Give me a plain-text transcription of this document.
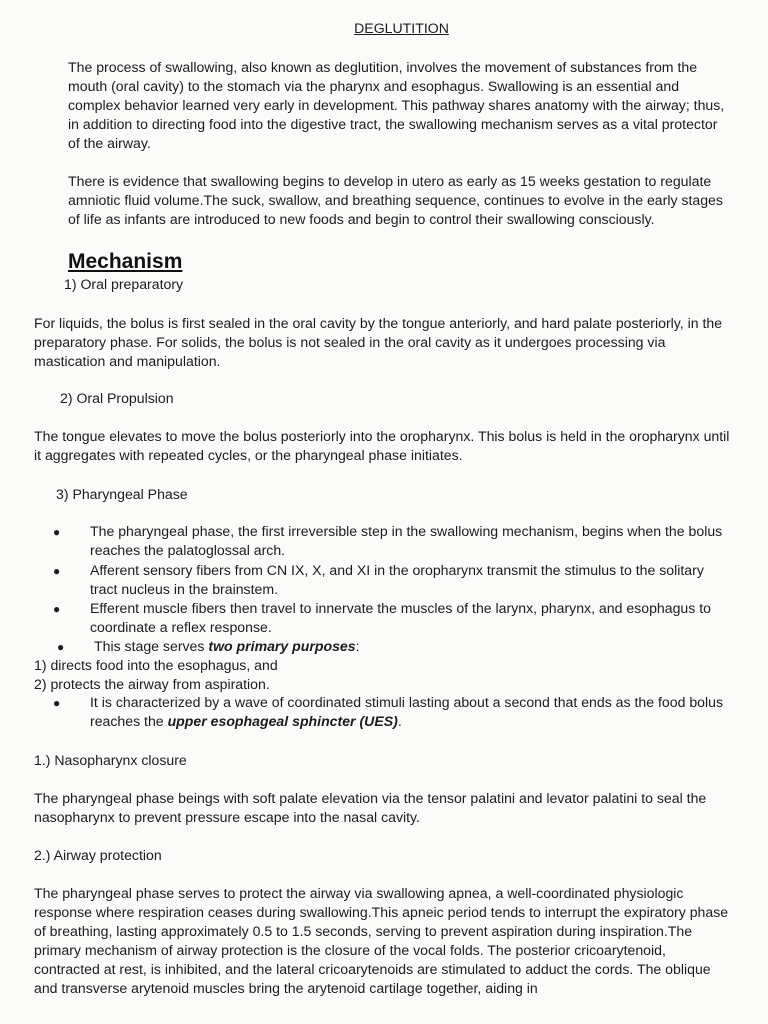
DEGLUTITION

The process of swallowing, also known as deglutition, involves the movement of substances from the mouth (oral cavity) to the stomach via the pharynx and esophagus. Swallowing is an essential and complex behavior learned very early in development. This pathway shares anatomy with the airway; thus, in addition to directing food into the digestive tract, the swallowing mechanism serves as a vital protector of the airway.

There is evidence that swallowing begins to develop in utero as early as 15 weeks gestation to regulate amniotic fluid volume.The suck, swallow, and breathing sequence, continues to evolve in the early stages of life as infants are introduced to new foods and begin to control their swallowing consciously.

Mechanism

1) Oral preparatory

For liquids, the bolus is first sealed in the oral cavity by the tongue anteriorly, and hard palate posteriorly, in the preparatory phase. For solids, the bolus is not sealed in the oral cavity as it undergoes processing via mastication and manipulation.

2) Oral Propulsion

The tongue elevates to move the bolus posteriorly into the oropharynx. This bolus is held in the oropharynx until it aggregates with repeated cycles, or the pharyngeal phase initiates.

3) Pharyngeal Phase

● The pharyngeal phase, the first irreversible step in the swallowing mechanism, begins when the bolus reaches the palatoglossal arch.

● Afferent sensory fibers from CN IX, X, and XI in the oropharynx transmit the stimulus to the solitary tract nucleus in the brainstem.

● Efferent muscle fibers then travel to innervate the muscles of the larynx, pharynx, and esophagus to coordinate a reflex response.

● This stage serves two primary purposes:

1) directs food into the esophagus, and

2) protects the airway from aspiration.

● It is characterized by a wave of coordinated stimuli lasting about a second that ends as the food bolus reaches the upper esophageal sphincter (UES).

1.) Nasopharynx closure

The pharyngeal phase beings with soft palate elevation via the tensor palatini and levator palatini to seal the nasopharynx to prevent pressure escape into the nasal cavity.

2.) Airway protection

The pharyngeal phase serves to protect the airway via swallowing apnea, a well-coordinated physiologic response where respiration ceases during swallowing.This apneic period tends to interrupt the expiratory phase of breathing, lasting approximately 0.5 to 1.5 seconds, serving to prevent aspiration during inspiration.The primary mechanism of airway protection is the closure of the vocal folds. The posterior cricoarytenoid, contracted at rest, is inhibited, and the lateral cricoarytenoids are stimulated to adduct the cords. The oblique and transverse arytenoid muscles bring the arytenoid cartilage together, aiding in
